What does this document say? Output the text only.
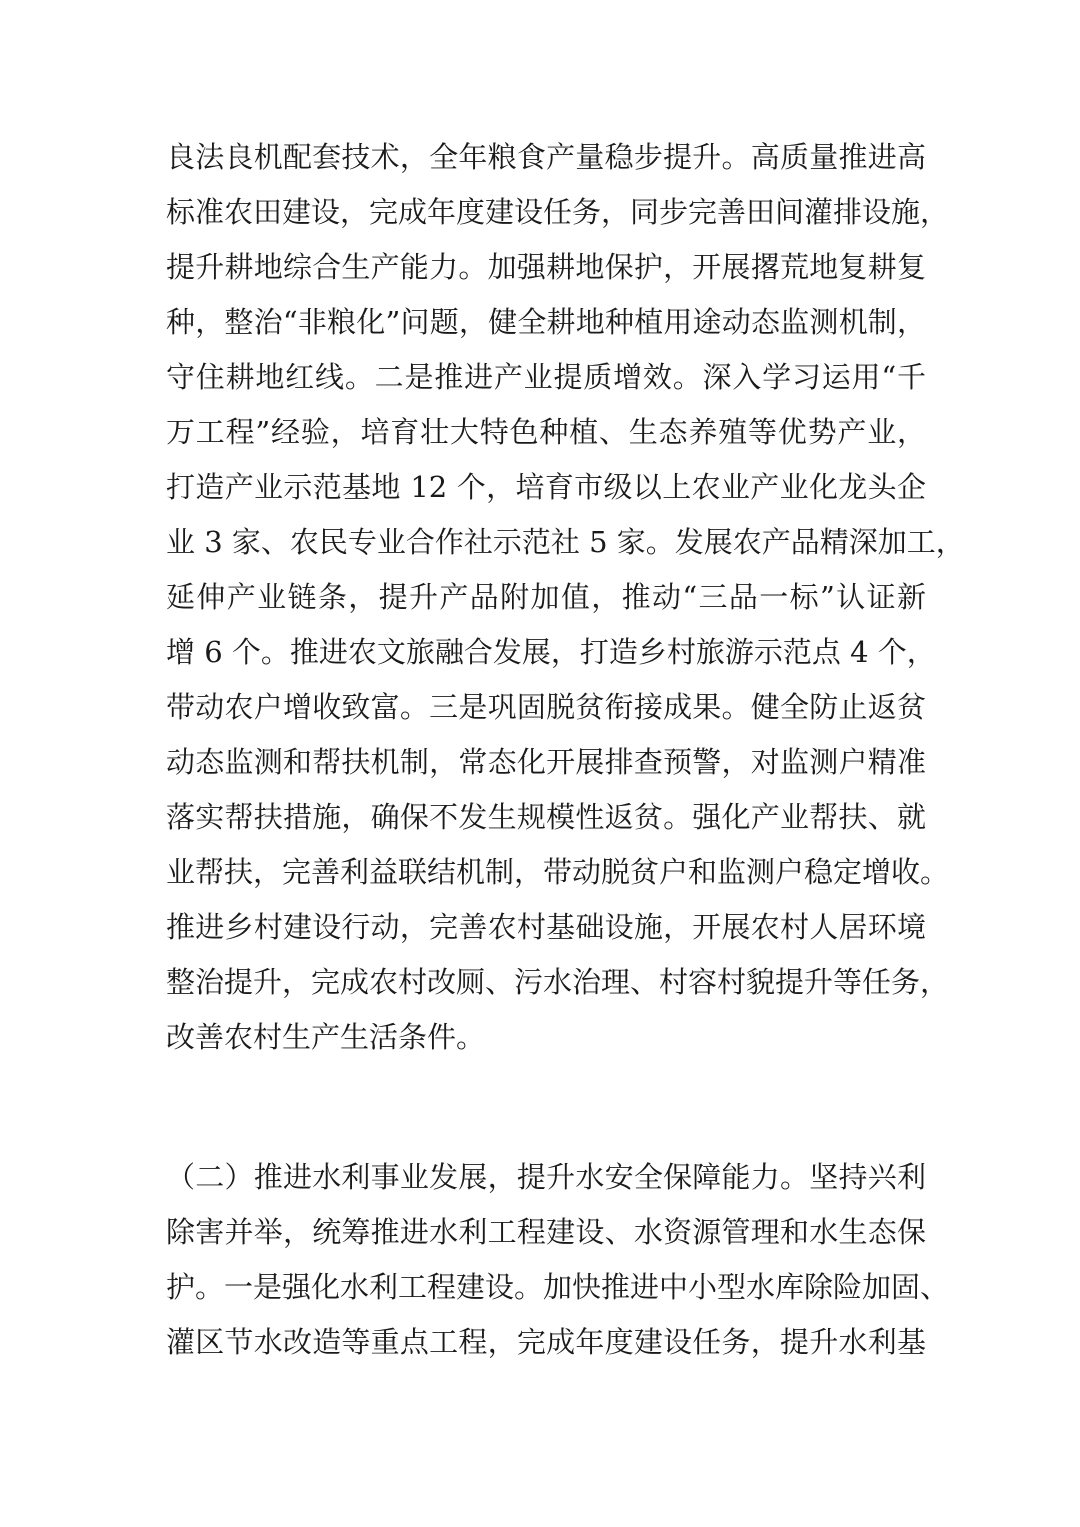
良法良机配套技术，全年粮食产量稳步提升。高质量推进高
标准农田建设，完成年度建设任务，同步完善田间灌排设施，
提升耕地综合生产能力。加强耕地保护，开展撂荒地复耕复
种，整治“非粮化”问题，健全耕地种植用途动态监测机制，
守住耕地红线。二是推进产业提质增效。深入学习运用“千
万工程”经验，培育壮大特色种植、生态养殖等优势产业，
打造产业示范基地 12 个，培育市级以上农业产业化龙头企
业 3 家、农民专业合作社示范社 5 家。发展农产品精深加工，
延伸产业链条，提升产品附加值，推动“三品一标”认证新
增 6 个。推进农文旅融合发展，打造乡村旅游示范点 4 个，
带动农户增收致富。三是巩固脱贫衔接成果。健全防止返贫
动态监测和帮扶机制，常态化开展排查预警，对监测户精准
落实帮扶措施，确保不发生规模性返贫。强化产业帮扶、就
业帮扶，完善利益联结机制，带动脱贫户和监测户稳定增收。
推进乡村建设行动，完善农村基础设施，开展农村人居环境
整治提升，完成农村改厕、污水治理、村容村貌提升等任务，
改善农村生产生活条件。
（二）推进水利事业发展，提升水安全保障能力。坚持兴利
除害并举，统筹推进水利工程建设、水资源管理和水生态保
护。一是强化水利工程建设。加快推进中小型水库除险加固、
灌区节水改造等重点工程，完成年度建设任务，提升水利基
